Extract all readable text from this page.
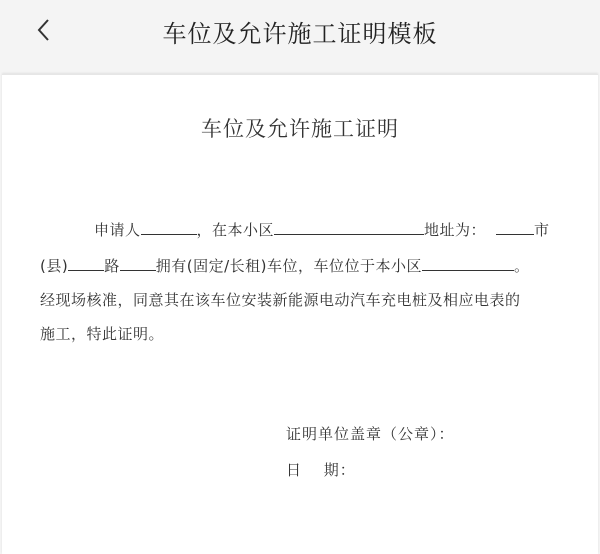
车位及允许施工证明模板
车位及允许施工证明
申请人	，在本小区	地址为：	市
(县) 路 拥有(固定/长租)车位，车位位于本小区	。
经现场核准，同意其在该车位安装新能源电动汽车充电桩及相应电表的
施工，特此证明。
证明单位盖章（公章）：
日　 期：
